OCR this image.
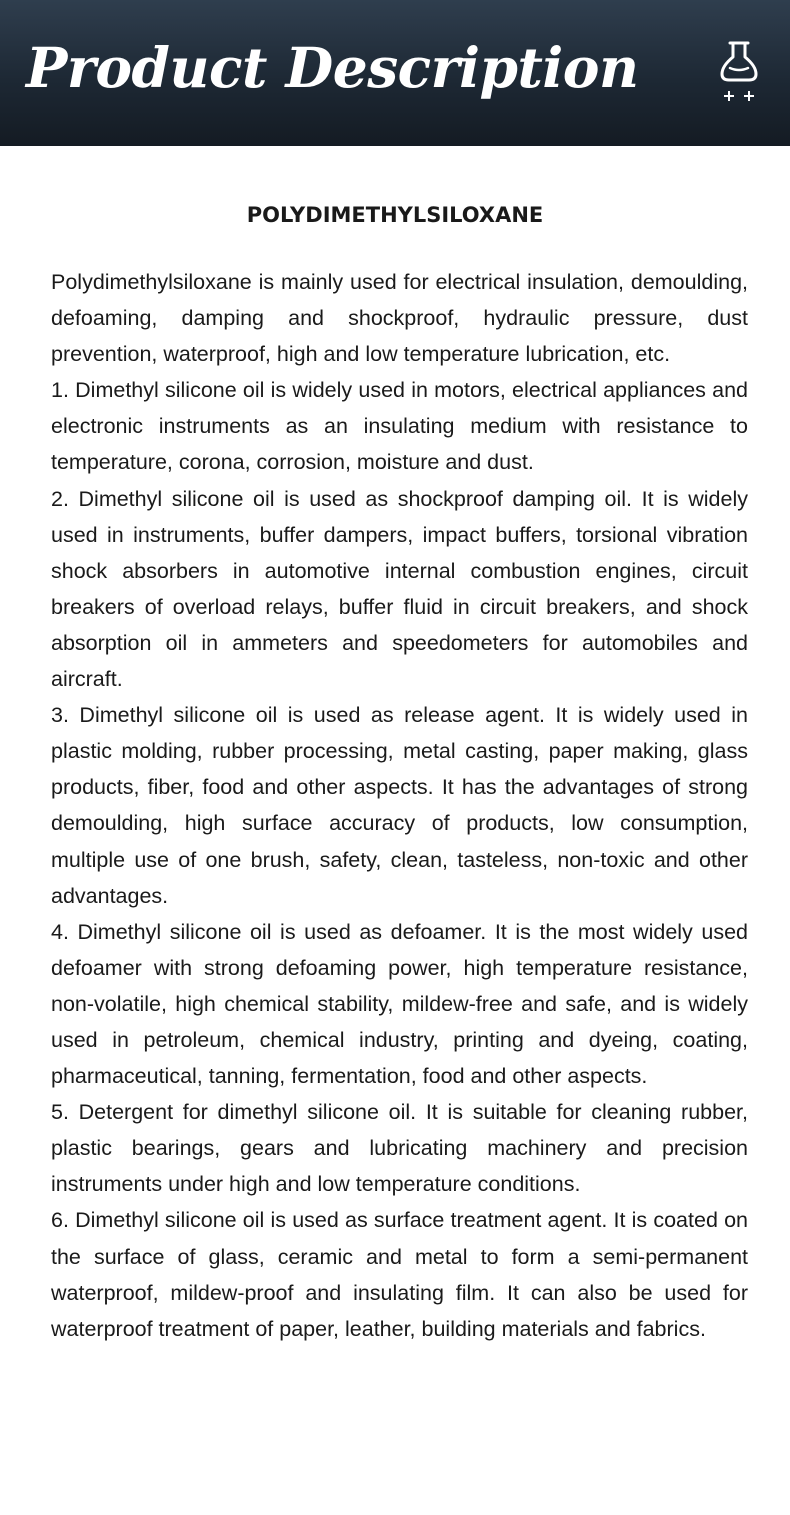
Product Description
POLYDIMETHYLSILOXANE

Polydimethylsiloxane is mainly used for electrical insulation, demoulding, defoaming, damping and shockproof, hydraulic pressure, dust prevention, waterproof, high and low temperature lubrication, etc.

1. Dimethyl silicone oil is widely used in motors, electrical appliances and electronic instruments as an insulating medium with resistance to temperature, corona, corrosion, moisture and dust.

2. Dimethyl silicone oil is used as shockproof damping oil. It is widely used in instruments, buffer dampers, impact buffers, torsional vibration shock absorbers in automotive internal combustion engines, circuit breakers of overload relays, buffer fluid in circuit breakers, and shock absorption oil in ammeters and speedometers for automobiles and aircraft.

3. Dimethyl silicone oil is used as release agent. It is widely used in plastic molding, rubber processing, metal casting, paper making, glass products, fiber, food and other aspects. It has the advantages of strong demoulding, high surface accuracy of products, low consumption, multiple use of one brush, safety, clean, tasteless, non-toxic and other advantages.

4. Dimethyl silicone oil is used as defoamer. It is the most widely used defoamer with strong defoaming power, high temperature resistance, non-volatile, high chemical stability, mildew-free and safe, and is widely used in petroleum, chemical industry, printing and dyeing, coating, pharmaceutical, tanning, fermentation, food and other aspects.

5. Detergent for dimethyl silicone oil. It is suitable for cleaning rubber, plastic bearings, gears and lubricating machinery and precision instruments under high and low temperature conditions.

6. Dimethyl silicone oil is used as surface treatment agent. It is coated on the surface of glass, ceramic and metal to form a semi-permanent waterproof, mildew-proof and insulating film. It can also be used for waterproof treatment of paper, leather, building materials and fabrics.
